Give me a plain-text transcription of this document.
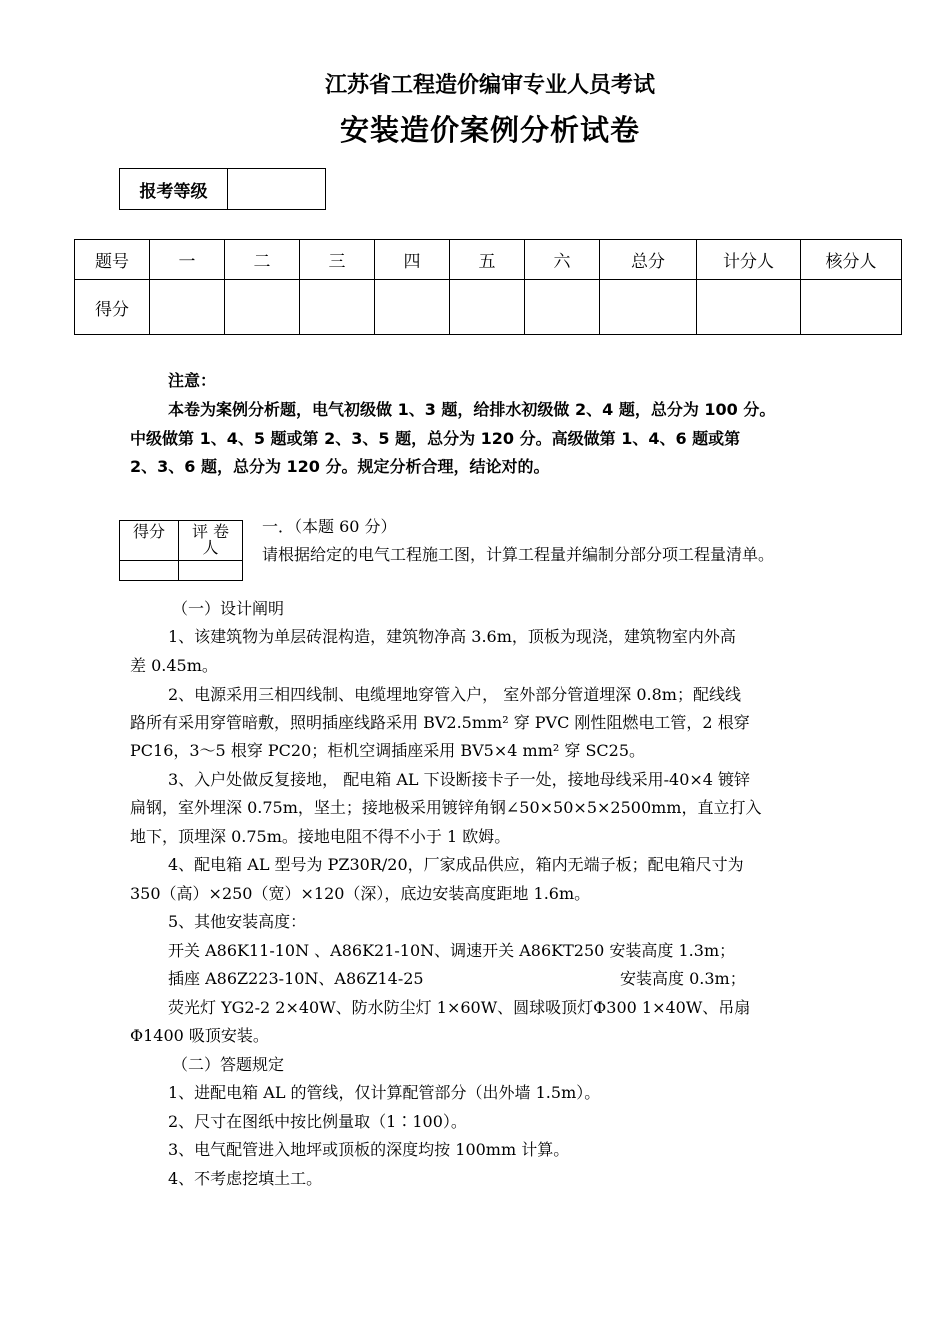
江苏省工程造价编审专业人员考试
安装造价案例分析试卷
报考等级	
题号	一	二	三	四	五	六	总分	计分人	核分人
得分									
注意：
本卷为案例分析题，电气初级做 1、3 题，给排水初级做 2、4 题，总分为 100 分。
中级做第 1、4、5 题或第 2、3、5 题，总分为 120 分。高级做第 1、4、6 题或第
2、3、6 题，总分为 120 分。规定分析合理，结论对的。
得分	评 卷
人

一．（本题 60 分）
请根据给定的电气工程施工图，计算工程量并编制分部分项工程量清单。
（一）设计阐明
1、该建筑物为单层砖混构造，建筑物净高 3.6m，顶板为现浇，建筑物室内外高
差 0.45m。
2、电源采用三相四线制、电缆埋地穿管入户， 室外部分管道埋深 0.8m；配线线
路所有采用穿管暗敷，照明插座线路采用 BV2.5mm² 穿 PVC 刚性阻燃电工管，2 根穿
PC16，3～5 根穿 PC20；柜机空调插座采用 BV5×4 mm² 穿 SC25。
3、入户处做反复接地， 配电箱 AL 下设断接卡子一处，接地母线采用-40×4 镀锌
扁钢，室外埋深 0.75m，坚土；接地极采用镀锌角钢∠50×50×5×2500mm，直立打入
地下，顶埋深 0.75m。接地电阻不得不小于 1 欧姆。
4、配电箱 AL 型号为 PZ30R/20，厂家成品供应，箱内无端子板；配电箱尺寸为
350（高）×250（宽）×120（深），底边安装高度距地 1.6m。
5、其他安装高度：
开关 A86K11-10N 、A86K21-10N、调速开关 A86KT250 安装高度 1.3m；
插座 A86Z223-10N、A86Z14-25	安装高度 0.3m；
荧光灯 YG2-2 2×40W、防水防尘灯 1×60W、圆球吸顶灯Φ300 1×40W、吊扇
Φ1400 吸顶安装。
（二）答题规定
1、进配电箱 AL 的管线，仅计算配管部分（出外墙 1.5m）。
2、尺寸在图纸中按比例量取（1∶100）。
3、电气配管进入地坪或顶板的深度均按 100mm 计算。
4、不考虑挖填土工。
